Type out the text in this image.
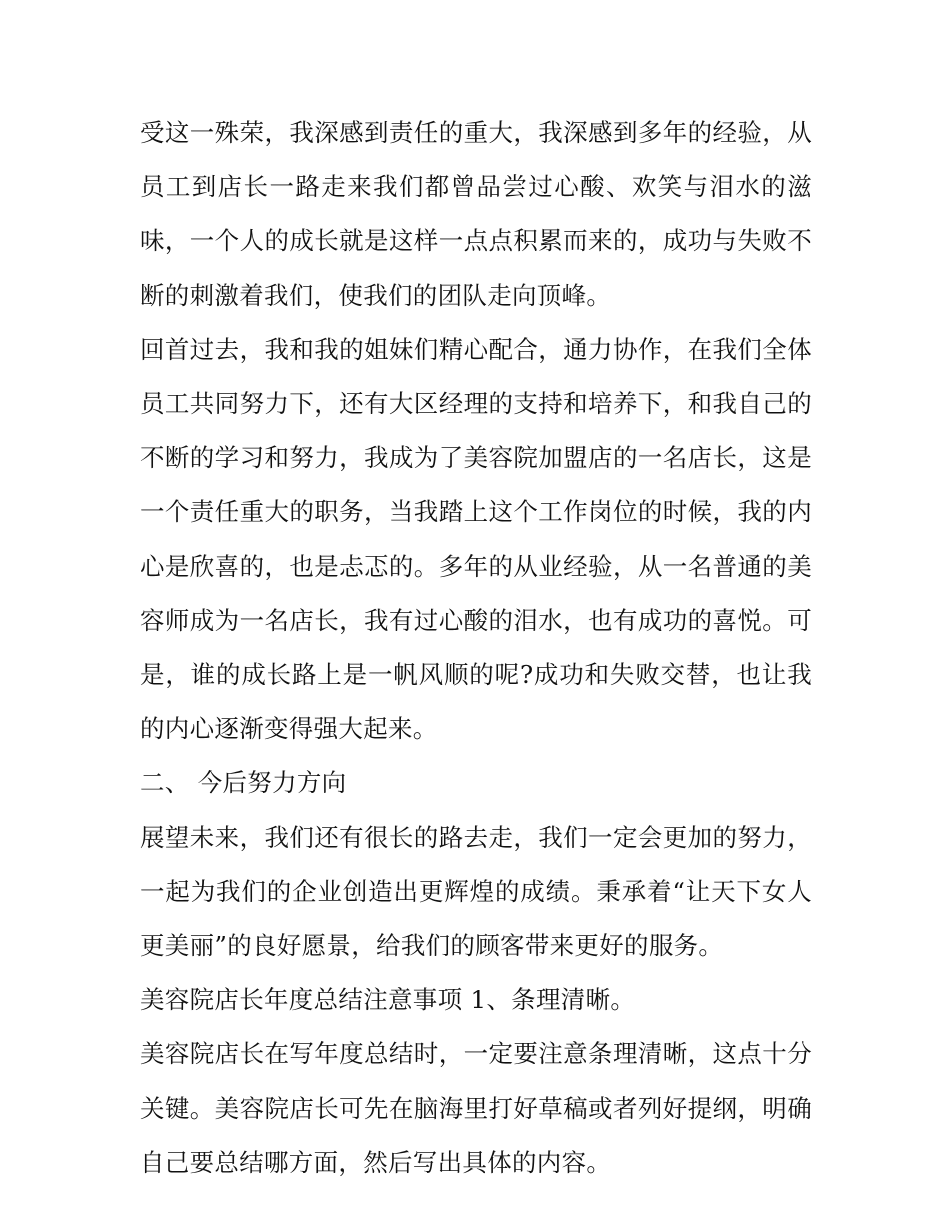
受这一殊荣，我深感到责任的重大，我深感到多年的经验，从员工到店长一路走来我们都曾品尝过心酸、欢笑与泪水的滋味，一个人的成长就是这样一点点积累而来的，成功与失败不断的刺激着我们，使我们的团队走向顶峰。

回首过去，我和我的姐妹们精心配合，通力协作，在我们全体员工共同努力下，还有大区经理的支持和培养下，和我自己的不断的学习和努力，我成为了美容院加盟店的一名店长，这是一个责任重大的职务，当我踏上这个工作岗位的时候，我的内心是欣喜的，也是忐忑的。多年的从业经验，从一名普通的美容师成为一名店长，我有过心酸的泪水，也有成功的喜悦。可是，谁的成长路上是一帆风顺的呢?成功和失败交替，也让我的内心逐渐变得强大起来。

二、 今后努力方向

展望未来，我们还有很长的路去走，我们一定会更加的努力，一起为我们的企业创造出更辉煌的成绩。秉承着“让天下女人更美丽”的良好愿景，给我们的顾客带来更好的服务。

美容院店长年度总结注意事项 1、条理清晰。

美容院店长在写年度总结时，一定要注意条理清晰，这点十分关键。美容院店长可先在脑海里打好草稿或者列好提纲，明确自己要总结哪方面，然后写出具体的内容。
